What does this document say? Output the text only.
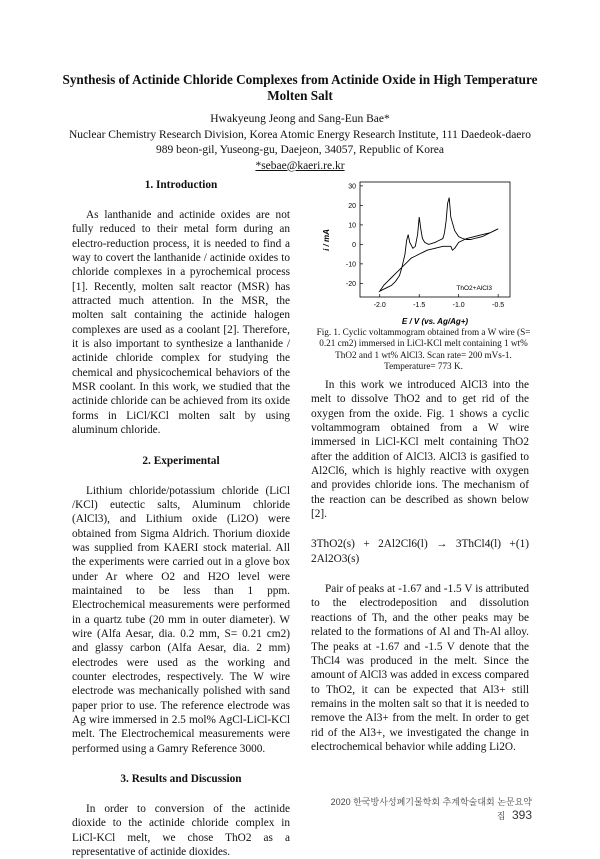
Synthesis of Actinide Chloride Complexes from Actinide Oxide in High Temperature Molten Salt
Hwakyeung Jeong and Sang-Eun Bae*
Nuclear Chemistry Research Division, Korea Atomic Energy Research Institute, 111 Daedeok-daero
989 beon-gil, Yuseong-gu, Daejeon, 34057, Republic of Korea
*sebae@kaeri.re.kr
1. Introduction

As lanthanide and actinide oxides are not fully reduced to their metal form during an electro-reduction process, it is needed to find a way to covert the lanthanide / actinide oxides to chloride complexes in a pyrochemical process [1]. Recently, molten salt reactor (MSR) has attracted much attention. In the MSR, the molten salt containing the actinide halogen complexes are used as a coolant [2]. Therefore, it is also important to synthesize a lanthanide / actinide chloride complex for studying the chemical and physicochemical behaviors of the MSR coolant. In this work, we studied that the actinide chloride can be achieved from its oxide forms in LiCl/KCl molten salt by using aluminum chloride.

2. Experimental

Lithium chloride/potassium chloride (LiCl /KCl) eutectic salts, Aluminum chloride (AlCl3), and Lithium oxide (Li2O) were obtained from Sigma Aldrich. Thorium dioxide was supplied from KAERI stock material. All the experiments were carried out in a glove box under Ar where O2 and H2O level were maintained to be less than 1 ppm. Electrochemical measurements were performed in a quartz tube (20 mm in outer diameter). W wire (Alfa Aesar, dia. 0.2 mm, S= 0.21 cm2) and glassy carbon (Alfa Aesar, dia. 2 mm) electrodes were used as the working and counter electrodes, respectively. The W wire electrode was mechanically polished with sand paper prior to use. The reference electrode was Ag wire immersed in 2.5 mol% AgCl-LiCl-KCl melt. The Electrochemical measurements were performed using a Gamry Reference 3000.

3. Results and Discussion

In order to conversion of the actinide dioxide to the actinide chloride complex in LiCl-KCl melt, we chose ThO2 as a representative of actinide dioxides.

30
20
10
0
-10
-20
-2.0	-1.5	-1.0	-0.5
ThO2+AlCl3
i / mA
E / V (vs. Ag/Ag+)
Fig. 1. Cyclic voltammogram obtained from a W wire (S= 0.21 cm2) immersed in LiCl-KCl melt containing 1 wt% ThO2 and 1 wt% AlCl3. Scan rate= 200 mVs-1. Temperature= 773 K.

In this work we introduced AlCl3 into the melt to dissolve ThO2 and to get rid of the oxygen from the oxide. Fig. 1 shows a cyclic voltammogram obtained from a W wire immersed in LiCl-KCl melt containing ThO2 after the addition of AlCl3. AlCl3 is gasified to Al2Cl6, which is highly reactive with oxygen and provides chloride ions. The mechanism of the reaction can be described as shown below [2].

3ThO2(s) + 2Al2Cl6(l) → 3ThCl4(l) + 2Al2O3(s)
(1)

Pair of peaks at -1.67 and -1.5 V is attributed to the electrodeposition and dissolution reactions of Th, and the other peaks may be related to the formations of Al and Th-Al alloy. The peaks at -1.67 and -1.5 V denote that the ThCl4 was produced in the melt. Since the amount of AlCl3 was added in excess compared to ThO2, it can be expected that Al3+ still remains in the molten salt so that it is needed to remove the Al3+ from the melt. In order to get rid of the Al3+, we investigated the change in electrochemical behavior while adding Li2O.

2020 한국방사성폐기물학회 추계학술대회 논문요약집 393
